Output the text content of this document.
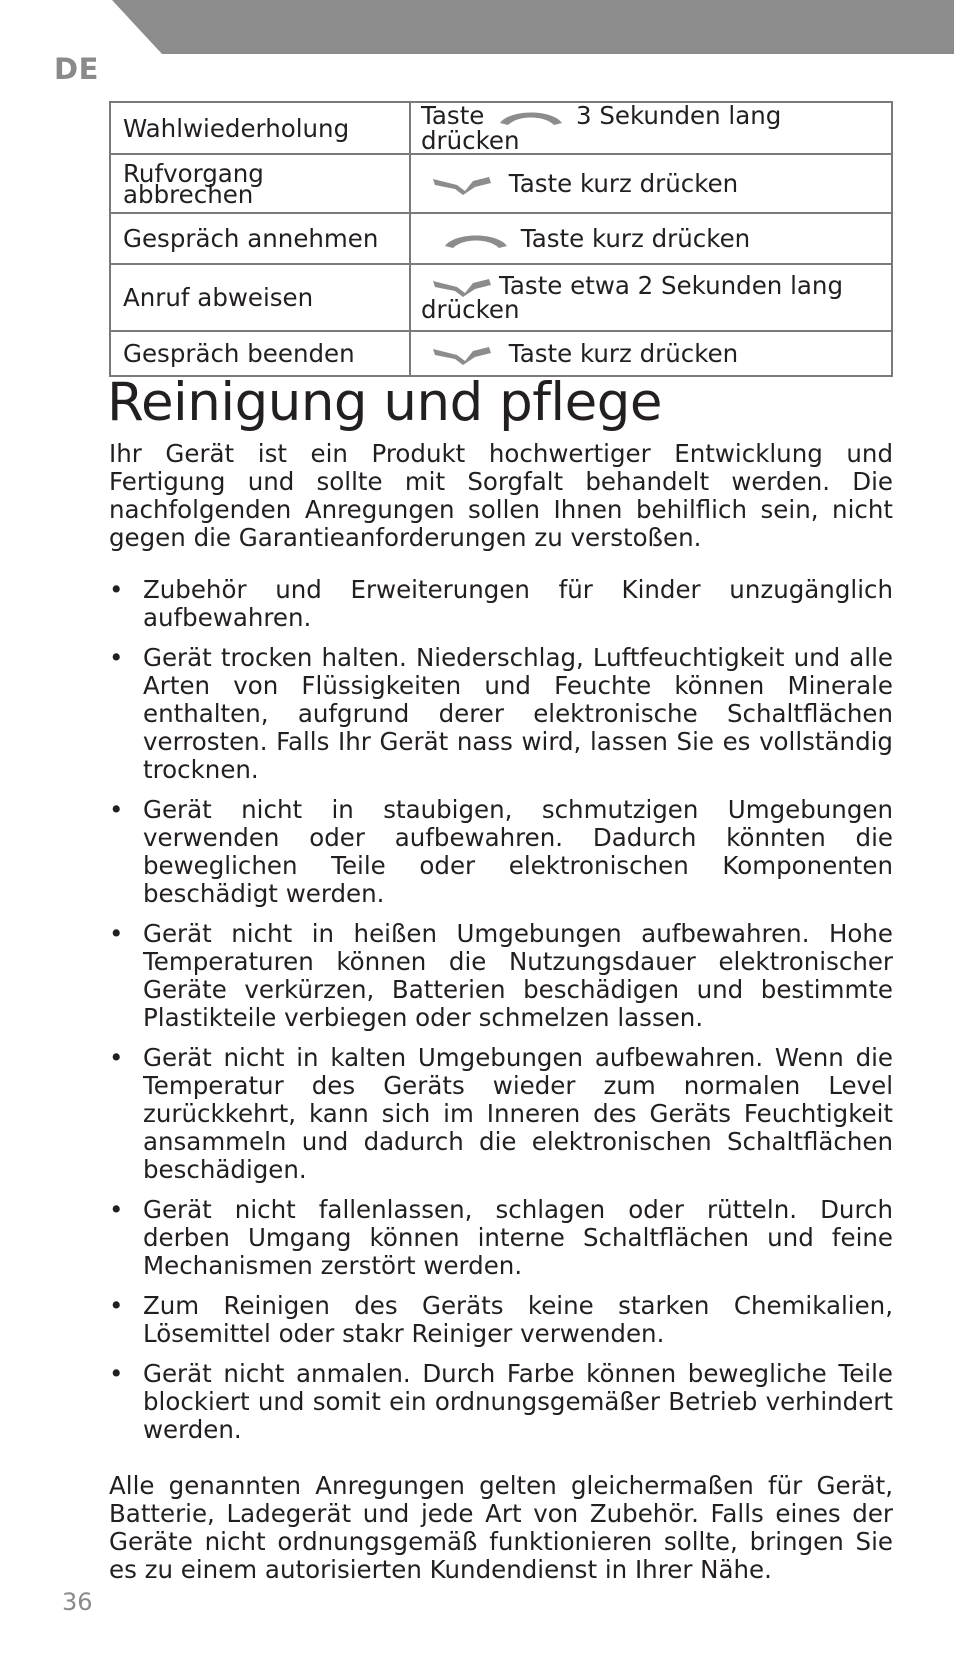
DE
Wahlwiederholung	Taste 3 Sekunden lang drücken

Rufvorgang abbrechen	Taste kurz drücken
Gespräch annehmen	Taste kurz drücken
Anruf abweisen	Taste etwa 2 Sekunden lang drücken
Gespräch beenden	Taste kurz drücken
Reinigung und pflege

Ihr Gerät ist ein Produkt hochwertiger Entwicklung und Fertigung und sollte mit Sorgfalt behandelt werden. Die nachfolgenden Anregungen sollen Ihnen behilflich sein, nicht gegen die Garantieanforderungen zu verstoßen.

• Zubehör und Erweiterungen für Kinder unzugänglich aufbewahren.
• Gerät trocken halten. Niederschlag, Luftfeuchtigkeit und alle Arten von Flüssigkeiten und Feuchte können Minerale enthalten, aufgrund derer elektronische Schaltflächen verrosten. Falls Ihr Gerät nass wird, lassen Sie es vollständig trocknen.
• Gerät nicht in staubigen, schmutzigen Umgebungen verwenden oder aufbewahren. Dadurch könnten die beweglichen Teile oder elektronischen Komponenten beschädigt werden.
• Gerät nicht in heißen Umgebungen aufbewahren. Hohe Temperaturen können die Nutzungsdauer elektronischer Geräte verkürzen, Batterien beschädigen und bestimmte Plastikteile verbiegen oder schmelzen lassen.
• Gerät nicht in kalten Umgebungen aufbewahren. Wenn die Temperatur des Geräts wieder zum normalen Level zurückkehrt, kann sich im Inneren des Geräts Feuchtigkeit ansammeln und dadurch die elektronischen Schaltflächen beschädigen.
• Gerät nicht fallenlassen, schlagen oder rütteln. Durch derben Umgang können interne Schaltflächen und feine Mechanismen zerstört werden.
• Zum Reinigen des Geräts keine starken Chemikalien, Lösemittel oder stakr Reiniger verwenden.
• Gerät nicht anmalen. Durch Farbe können bewegliche Teile blockiert und somit ein ordnungsgemäßer Betrieb verhindert werden.

Alle genannten Anregungen gelten gleichermaßen für Gerät, Batterie, Ladegerät und jede Art von Zubehör. Falls eines der Geräte nicht ordnungsgemäß funktionieren sollte, bringen Sie es zu einem autorisierten Kundendienst in Ihrer Nähe.

36
